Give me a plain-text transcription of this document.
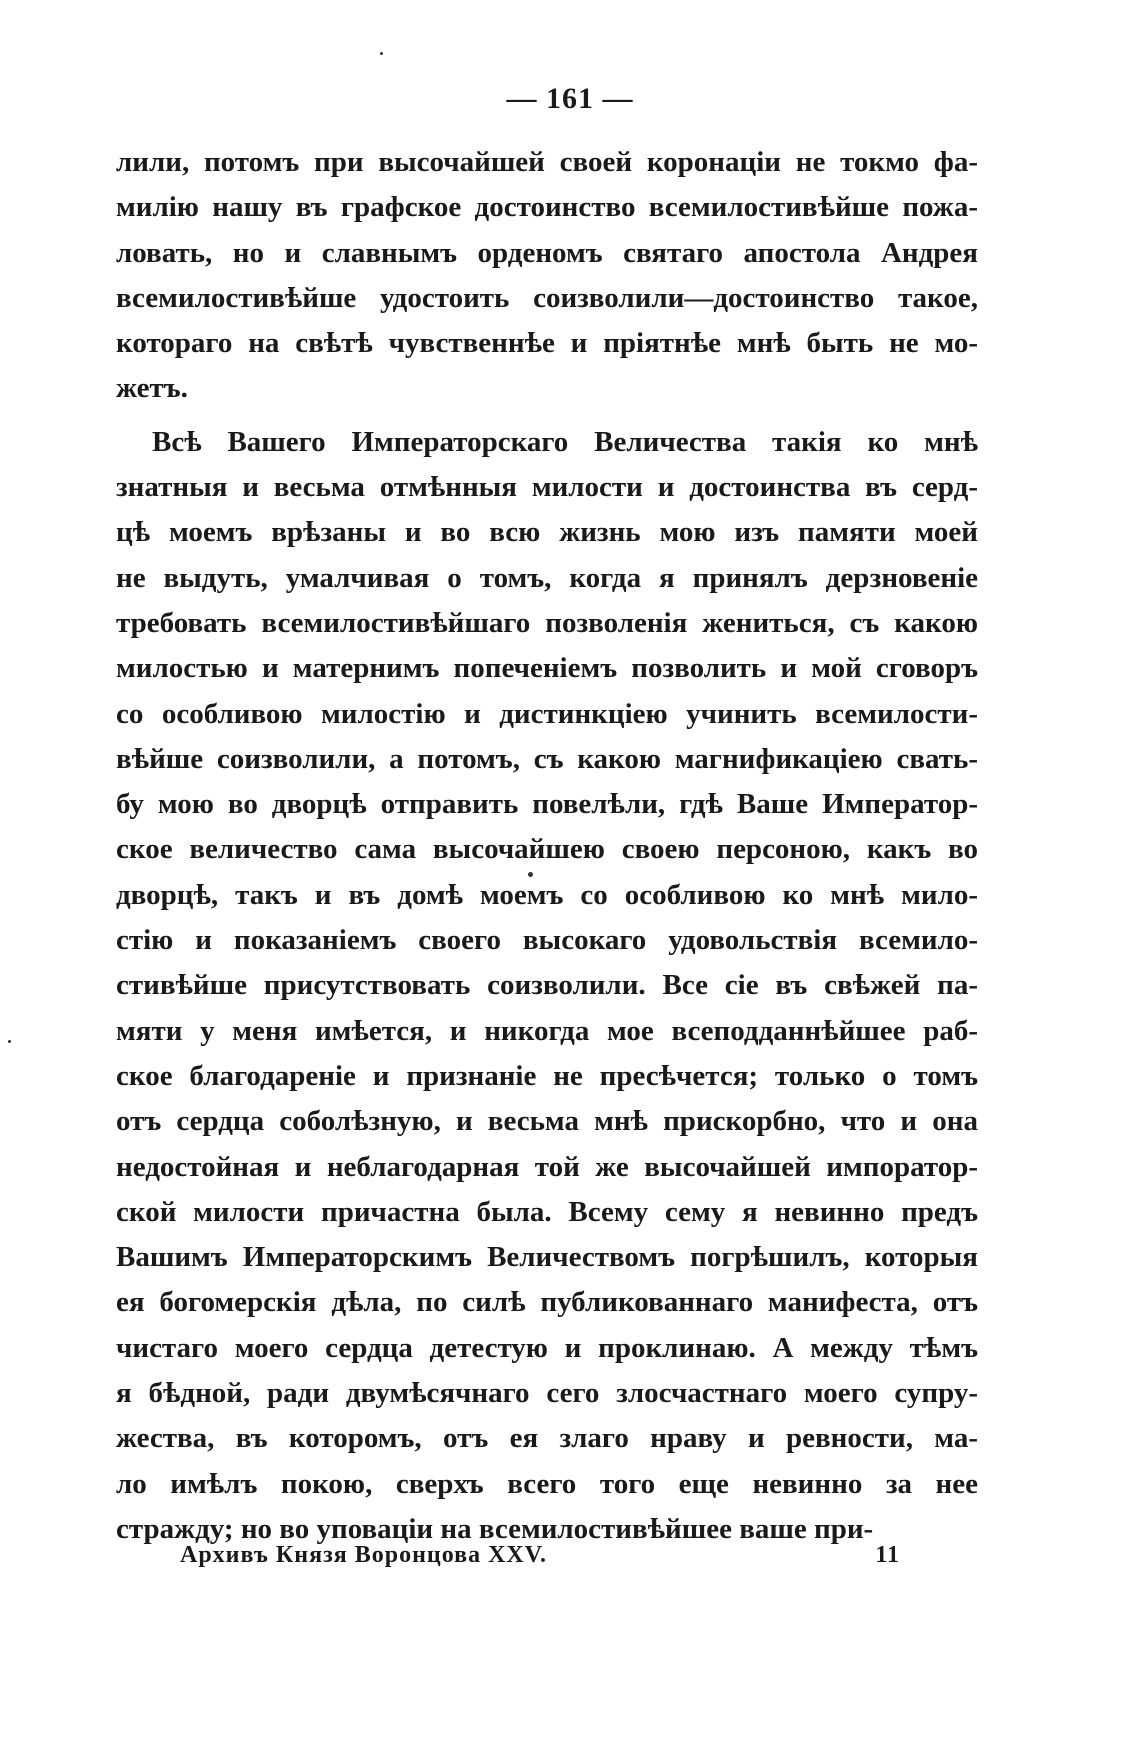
— 161 —
лили, потомъ при высочайшей своей коронаціи не токмо фа-
милію нашу въ графское достоинство всемилостивѣйше пожа-
ловать, но и славнымъ орденомъ святаго апостола Андрея
всемилостивѣйше удостоить соизволили—достоинство такое,
котораго на свѣтѣ чувственнѣе и пріятнѣе мнѣ быть не мо-
жетъ.
Всѣ Вашего Императорскаго Величества такія ко мнѣ
знатныя и весьма отмѣнныя милости и достоинства въ серд-
цѣ моемъ врѣзаны и во всю жизнь мою изъ памяти моей
не выдуть, умалчивая о томъ, когда я принялъ дерзновеніе
требовать всемилостивѣйшаго позволенія жениться, съ какою
милостью и матернимъ попеченіемъ позволить и мой сговоръ
со особливою милостію и дистинкціею учинить всемилости-
вѣйше соизволили, а потомъ, съ какою магнификаціею свать-
бу мою во дворцѣ отправить повелѣли, гдѣ Ваше Император-
ское величество сама высочайшею своею персоною, какъ во
дворцѣ, такъ и въ домѣ моемъ со особливою ко мнѣ мило-
стію и показаніемъ своего высокаго удовольствія всемило-
стивѣйше присутствовать соизволили. Все сіе въ свѣжей па-
мяти у меня имѣется, и никогда мое всеподданнѣйшее раб-
ское благодареніе и признаніе не пресѣчется; только о томъ
отъ сердца соболѣзную, и весьма мнѣ прискорбно, что и она
недостойная и неблагодарная той же высочайшей импоратор-
ской милости причастна была. Всему сему я невинно предъ
Вашимъ Императорскимъ Величествомъ погрѣшилъ, которыя
ея богомерскія дѣла, по силѣ публикованнаго манифеста, отъ
чистаго моего сердца детестую и проклинаю. А между тѣмъ
я бѣдной, ради двумѣсячнаго сего злосчастнаго моего супру-
жества, въ которомъ, отъ ея злаго нраву и ревности, ма-
ло имѣлъ покою, сверхъ всего того еще невинно за нее
стражду; но во уповаціи на всемилостивѣйшее ваше при-
Архивъ Князя Воронцова XXV.	11
